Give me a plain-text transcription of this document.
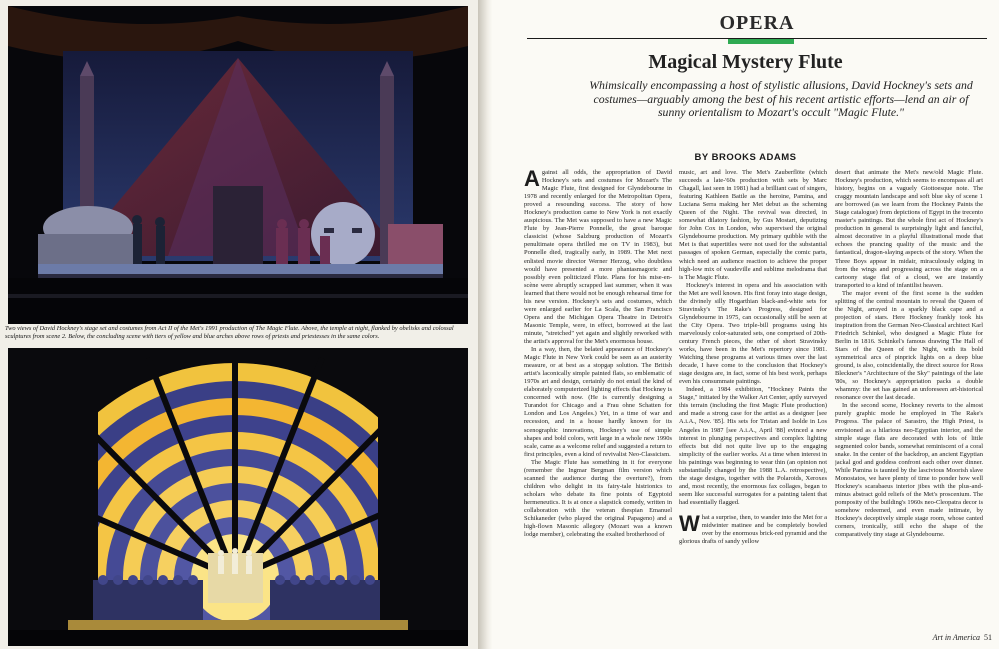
Two views of David Hockney's stage set and costumes from Act II of the Met's 1991 production of The Magic Flute. Above, the temple at night, flanked by obelisks and colossal sculptures from scene 2. Below, the concluding scene with tiers of yellow and blue arches above rows of priests and priestesses in the same colors.

OPERA

Magical Mystery Flute

Whimsically encompassing a host of stylistic allusions, David Hockney's sets and costumes—arguably among the best of his recent artistic efforts—lend an air of sunny orientalism to Mozart's occult "Magic Flute."

BY BROOKS ADAMS

Against all odds, the appropriation of David Hockney's sets and costumes for Mozart's The Magic Flute, first designed for Glyndebourne in 1978 and recently enlarged for the Metropolitan Opera, proved a resounding success. The story of how Hockney's production came to New York is not exactly auspicious. The Met was supposed to have a new Magic Flute by Jean-Pierre Ponnelle, the great baroque classicist (whose Salzburg production of Mozart's penultimate opera thrilled me on TV in 1983), but Ponnelle died, tragically early, in 1989. The Met next enlisted movie director Werner Herzog, who doubtless would have presented a more phantasmagoric and possibly even politicized Flute. Plans for his mise-en-scène were abruptly scrapped last summer, when it was learned that there would not be enough rehearsal time for his new version. Hockney's sets and costumes, which were enlarged earlier for La Scala, the San Francisco Opera and the Michigan Opera Theatre in Detroit's Masonic Temple, were, in effect, borrowed at the last minute, "stretched" yet again and slightly reworked with the artist's approval for the Met's enormous house.

In a way, then, the belated appearance of Hockney's Magic Flute in New York could be seen as an austerity measure, or at best as a stopgap solution. The British artist's laconically simple painted flats, so emblematic of 1970s art and design, certainly do not entail the kind of elaborately computerized lighting effects that Hockney is concerned with now. (He is currently designing a Turandot for Chicago and a Frau ohne Schatten for London and Los Angeles.) Yet, in a time of war and recession, and in a house hardly known for its scenographic innovations, Hockney's use of simple shapes and bold colors, writ large in a whole new 1990s scale, came as a welcome relief and suggested a return to first principles, even a kind of revivalist Neo-Classicism.

The Magic Flute has something in it for everyone (remember the Ingmar Bergman film version which scanned the audience during the overture?), from children who delight in its fairy-tale histrionics to scholars who debate its fine points of Egyptoid hermeneutics. It is at once a slapstick comedy, written in collaboration with the veteran thespian Emanuel Schikaneder (who played the original Papageno) and a high-flown Masonic allegory (Mozart was a known lodge member), celebrating the exalted brotherhood of

music, art and love. The Met's Zauberflöte (which succeeds a late-'60s production with sets by Marc Chagall, last seen in 1981) had a brilliant cast of singers, featuring Kathleen Battle as the heroine, Pamina, and Luciana Serra making her Met debut as the scheming Queen of the Night. The revival was directed, in somewhat dilatory fashion, by Gus Mostart, deputizing for John Cox in London, who supervised the original Glyndebourne production. My primary quibble with the Met is that supertitles were not used for the substantial passages of spoken German, especially the comic parts, which need an audience reaction to achieve the proper high-low mix of vaudeville and sublime melodrama that is The Magic Flute.

Hockney's interest in opera and his association with the Met are well known. His first foray into stage design, the divinely silly Hogarthian black-and-white sets for Stravinsky's The Rake's Progress, designed for Glyndebourne in 1975, can occasionally still be seen at the City Opera. Two triple-bill programs using his marvelously color-saturated sets, one comprised of 20th-century French pieces, the other of short Stravinsky works, have been in the Met's repertory since 1981. Watching these programs at various times over the last decade, I have come to the conclusion that Hockney's stage designs are, in fact, some of his best work, perhaps even his consummate paintings.

Indeed, a 1984 exhibition, "Hockney Paints the Stage," initiated by the Walker Art Center, aptly surveyed this terrain (including the first Magic Flute production) and made a strong case for the artist as a designer [see A.i.A., Nov. '85]. His sets for Tristan and Isolde in Los Angeles in 1987 [see A.i.A., April '88] evinced a new interest in plunging perspectives and complex lighting effects but did not quite live up to the engaging simplicity of the earlier works. At a time when interest in his paintings was beginning to wear thin (an opinion not substantially changed by the 1988 L.A. retrospective), the stage designs, together with the Polaroids, Xeroxes and, most recently, the enormous fax collages, began to seem like successful surrogates for a painting talent that had essentially flagged.

What a surprise, then, to wander into the Met for a midwinter matinee and be completely bowled over by the enormous brick-red pyramid and the glorious drafts of sandy yellow

desert that animate the Met's new/old Magic Flute. Hockney's production, which seems to encompass all art history, begins on a vaguely Giottoesque note. The craggy mountain landscape and soft blue sky of scene 1 are borrowed (as we learn from the Hockney Paints the Stage catalogue) from depictions of Egypt in the trecento master's paintings. But the whole first act of Hockney's production in general is surprisingly light and fanciful, almost decorative in a playful illustrational mode that echoes the prancing quality of the music and the fantastical, dragon-slaying aspects of the story. When the Three Boys appear in midair, miraculously edging in from the wings and progressing across the stage on a cartoony stage flat of a cloud, we are instantly transported to a kind of infantilist heaven.

The major event of the first scene is the sudden splitting of the central mountain to reveal the Queen of the Night, arrayed in a sparkly black cape and a projection of stars. Here Hockney frankly took his inspiration from the German Neo-Classical architect Karl Friedrich Schinkel, who designed a Magic Flute for Berlin in 1816. Schinkel's famous drawing The Hall of Stars of the Queen of the Night, with its bold symmetrical arcs of pinprick lights on a deep blue ground, is also, coincidentally, the direct source for Ross Bleckner's "Architecture of the Sky" paintings of the late '80s, so Hockney's appropriation packs a double whammy: the set has gained an unforeseen art-historical resonance over the last decade.

In the second scene, Hockney reverts to the almost purely graphic mode he employed in The Rake's Progress. The palace of Sarastro, the High Priest, is envisioned as a hilarious neo-Egyptian interior, and the simple stage flats are decorated with lots of little segmented color bands, somewhat reminiscent of a coral snake. In the center of the backdrop, an ancient Egyptian jackal god and goddess confront each other over dinner. While Pamina is taunted by the lascivious Moorish slave Monostatos, we have plenty of time to ponder how well Hockney's scarabaeus interior jibes with the plus-and-minus abstract gold reliefs of the Met's proscenium. The pomposity of the building's 1960s neo-Cleopatra decor is somehow redeemed, and even made intimate, by Hockney's deceptively simple stage room, whose canted corners, ironically, still echo the shape of the comparatively tiny stage at Glyndebourne.

Art in America 51
